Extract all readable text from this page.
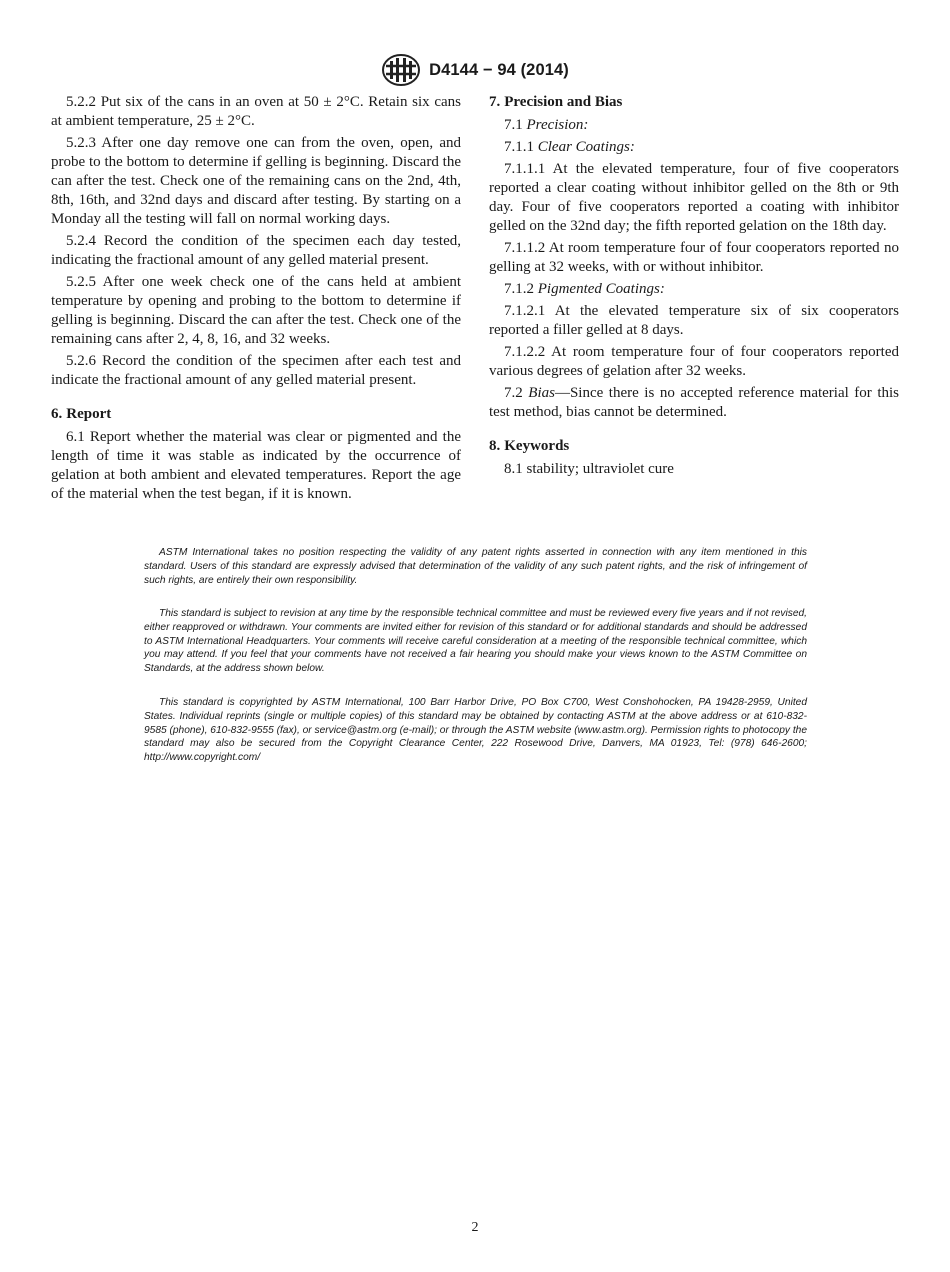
D4144 − 94 (2014)

5.2.2 Put six of the cans in an oven at 50 ± 2°C. Retain six cans at ambient temperature, 25 ± 2°C.

5.2.3 After one day remove one can from the oven, open, and probe to the bottom to determine if gelling is beginning. Discard the can after the test. Check one of the remaining cans on the 2nd, 4th, 8th, 16th, and 32nd days and discard after testing. By starting on a Monday all the testing will fall on normal working days.

5.2.4 Record the condition of the specimen each day tested, indicating the fractional amount of any gelled material present.

5.2.5 After one week check one of the cans held at ambient temperature by opening and probing to the bottom to determine if gelling is beginning. Discard the can after the test. Check one of the remaining cans after 2, 4, 8, 16, and 32 weeks.

5.2.6 Record the condition of the specimen after each test and indicate the fractional amount of any gelled material present.

6. Report

6.1 Report whether the material was clear or pigmented and the length of time it was stable as indicated by the occurrence of gelation at both ambient and elevated temperatures. Report the age of the material when the test began, if it is known.

7. Precision and Bias

7.1 Precision:

7.1.1 Clear Coatings:

7.1.1.1 At the elevated temperature, four of five cooperators reported a clear coating without inhibitor gelled on the 8th or 9th day. Four of five cooperators reported a coating with inhibitor gelled on the 32nd day; the fifth reported gelation on the 18th day.

7.1.1.2 At room temperature four of four cooperators reported no gelling at 32 weeks, with or without inhibitor.

7.1.2 Pigmented Coatings:

7.1.2.1 At the elevated temperature six of six cooperators reported a filler gelled at 8 days.

7.1.2.2 At room temperature four of four cooperators reported various degrees of gelation after 32 weeks.

7.2 Bias—Since there is no accepted reference material for this test method, bias cannot be determined.

8. Keywords

8.1 stability; ultraviolet cure

ASTM International takes no position respecting the validity of any patent rights asserted in connection with any item mentioned in this standard. Users of this standard are expressly advised that determination of the validity of any such patent rights, and the risk of infringement of such rights, are entirely their own responsibility.

This standard is subject to revision at any time by the responsible technical committee and must be reviewed every five years and if not revised, either reapproved or withdrawn. Your comments are invited either for revision of this standard or for additional standards and should be addressed to ASTM International Headquarters. Your comments will receive careful consideration at a meeting of the responsible technical committee, which you may attend. If you feel that your comments have not received a fair hearing you should make your views known to the ASTM Committee on Standards, at the address shown below.

This standard is copyrighted by ASTM International, 100 Barr Harbor Drive, PO Box C700, West Conshohocken, PA 19428-2959, United States. Individual reprints (single or multiple copies) of this standard may be obtained by contacting ASTM at the above address or at 610-832-9585 (phone), 610-832-9555 (fax), or service@astm.org (e-mail); or through the ASTM website (www.astm.org). Permission rights to photocopy the standard may also be secured from the Copyright Clearance Center, 222 Rosewood Drive, Danvers, MA 01923, Tel: (978) 646-2600; http://www.copyright.com/

2
